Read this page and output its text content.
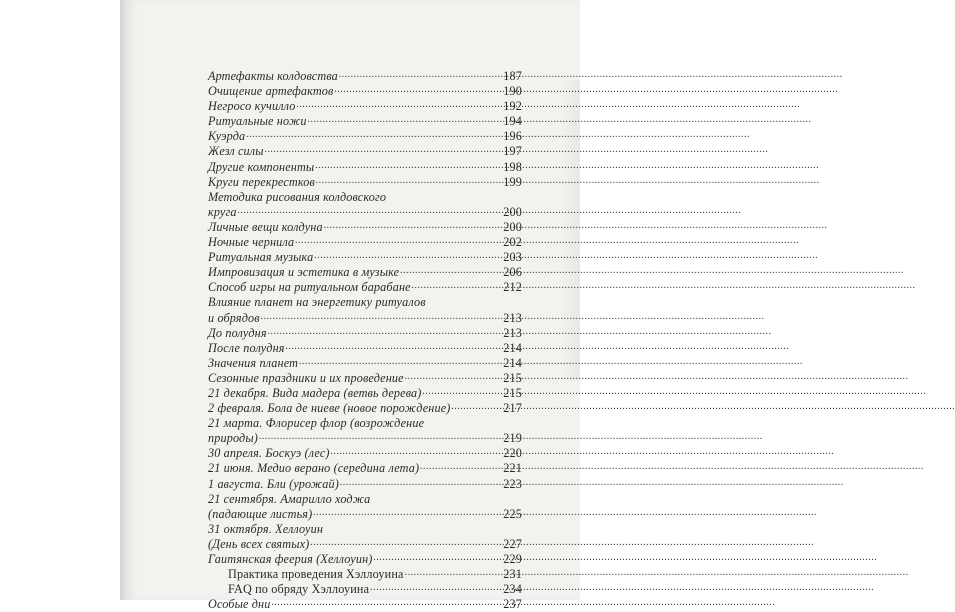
Артефакты колдовства .....	187
Очищение артефактов .....	190
Негросо кучилло .....	192
Ритуальные ножи .....	194
Куэрда .....	196
Жезл силы .....	197
Другие компоненты .....	198
Круги перекрестков .....	199
Методика рисования колдовского
круга .....	200
Личные вещи колдуна .....	200
Ночные чернила .....	202
Ритуальная музыка .....	203
Импровизация и эстетика в музыке .....	206
Способ игры на ритуальном барабане .....	212
Влияние планет на энергетику ритуалов
и обрядов .....	213
До полудня .....	213
После полудня .....	214
Значения планет .....	214
Сезонные праздники и их проведение .....	215
21 декабря. Вида мадера (ветвь дерева) .....	215
2 февраля. Бола де ниеве (новое порождение) .....	217
21 марта. Флорисер флор (возрождение
природы) .....	219
30 апреля. Боскуэ (лес) .....	220
21 июня. Медио верано (середина лета) .....	221
1 августа. Бли (урожай) .....	223
21 сентября. Амарилло ходжа
(падающие листья) .....	225
31 октября. Хеллоуин
(День всех святых) .....	227
Гаитянская феерия (Хеллоуин) .....	229
Практика проведения Хэллоуина .....	231
FAQ по обряду Хэллоуина .....	234
Особые дни .....	237
